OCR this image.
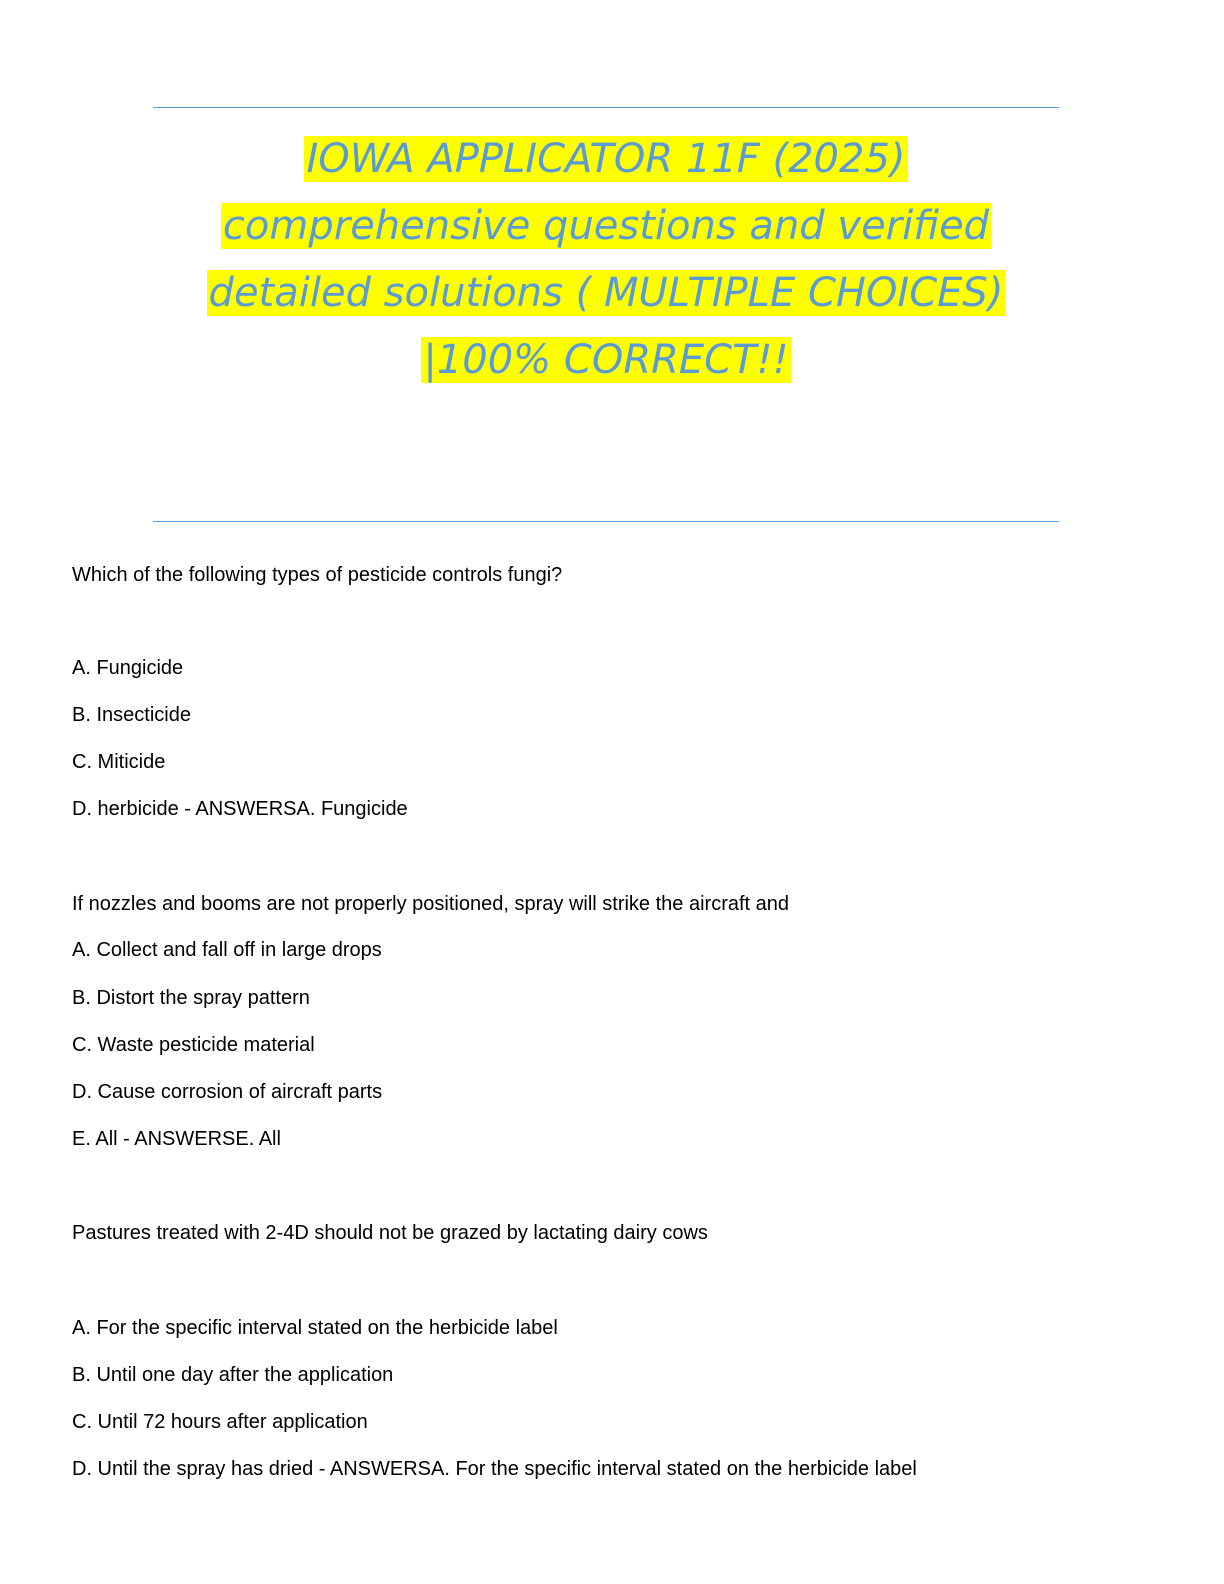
IOWA APPLICATOR 11F (2025)
comprehensive questions and verified
detailed solutions ( MULTIPLE CHOICES)
|100% CORRECT!!
Which of the following types of pesticide controls fungi?
A. Fungicide
B. Insecticide
C. Miticide
D. herbicide - ANSWERSA. Fungicide
If nozzles and booms are not properly positioned, spray will strike the aircraft and
A. Collect and fall off in large drops
B. Distort the spray pattern
C. Waste pesticide material
D. Cause corrosion of aircraft parts
E. All - ANSWERSE. All
Pastures treated with 2-4D should not be grazed by lactating dairy cows
A. For the specific interval stated on the herbicide label
B. Until one day after the application
C. Until 72 hours after application
D. Until the spray has dried - ANSWERSA. For the specific interval stated on the herbicide label
